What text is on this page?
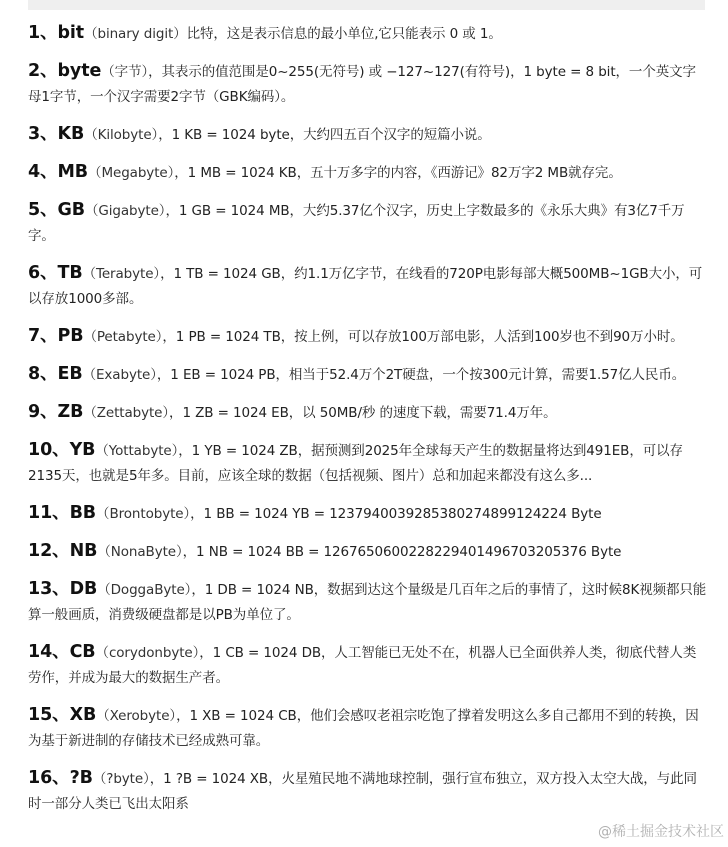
1、bit（binary digit）比特，这是表示信息的最小单位,它只能表示 0 或 1。

2、byte（字节），其表示的值范围是0~255(无符号) 或 −127~127(有符号)，1 byte = 8 bit，一个英文字母1字节，一个汉字需要2字节（GBK编码）。

3、KB（Kilobyte），1 KB = 1024 byte，大约四五百个汉字的短篇小说。

4、MB（Megabyte），1 MB = 1024 KB，五十万多字的内容，《西游记》82万字2 MB就存完。

5、GB（Gigabyte），1 GB = 1024 MB，大约5.37亿个汉字，历史上字数最多的《永乐大典》有3亿7千万字。

6、TB（Terabyte），1 TB = 1024 GB，约1.1万亿字节，在线看的720P电影每部大概500MB~1GB大小，可以存放1000多部。

7、PB（Petabyte），1 PB = 1024 TB，按上例，可以存放100万部电影，人活到100岁也不到90万小时。

8、EB（Exabyte），1 EB = 1024 PB，相当于52.4万个2T硬盘，一个按300元计算，需要1.57亿人民币。

9、ZB（Zettabyte），1 ZB = 1024 EB，以 50MB/秒 的速度下载，需要71.4万年。

10、YB（Yottabyte），1 YB = 1024 ZB，据预测到2025年全球每天产生的数据量将达到491EB，可以存2135天，也就是5年多。目前，应该全球的数据（包括视频、图片）总和加起来都没有这么多...

11、BB（Brontobyte），1 BB = 1024 YB = 1237940039285380274899124224 Byte

12、NB（NonaByte），1 NB = 1024 BB = 1267650600228229401496703205376 Byte

13、DB（DoggaByte），1 DB = 1024 NB，数据到达这个量级是几百年之后的事情了，这时候8K视频都只能算一般画质，消费级硬盘都是以PB为单位了。

14、CB（corydonbyte），1 CB = 1024 DB，人工智能已无处不在，机器人已全面供养人类，彻底代替人类劳作，并成为最大的数据生产者。

15、XB（Xerobyte），1 XB = 1024 CB，他们会感叹老祖宗吃饱了撑着发明这么多自己都用不到的转换，因为基于新进制的存储技术已经成熟可靠。

16、?B（?byte），1 ?B = 1024 XB，火星殖民地不满地球控制，强行宣布独立，双方投入太空大战，与此同时一部分人类已飞出太阳系

@稀土掘金技术社区
